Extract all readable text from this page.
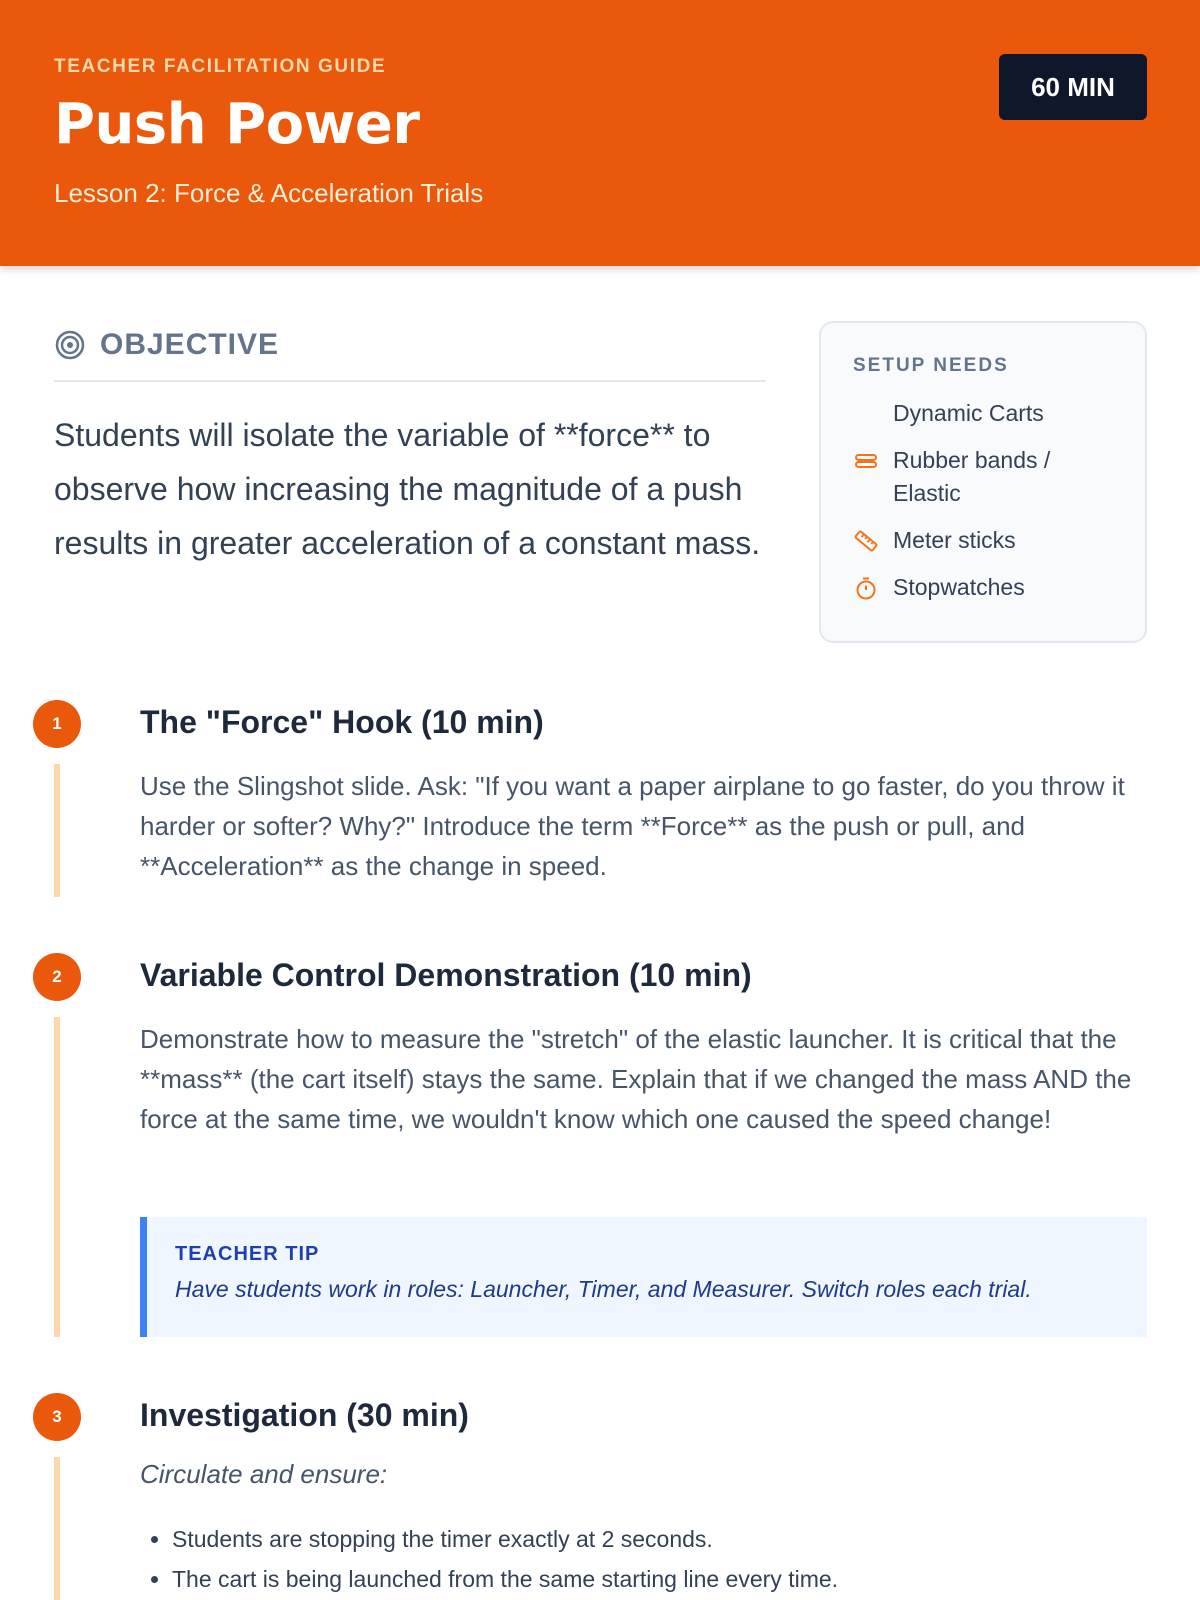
TEACHER FACILITATION GUIDE
Push Power
Lesson 2: Force & Acceleration Trials
60 MIN
OBJECTIVE

Students will isolate the variable of **force** to observe how increasing the magnitude of a push results in greater acceleration of a constant mass.

SETUP NEEDS
Dynamic Carts
Rubber bands / Elastic
Meter sticks
Stopwatches
1	The "Force" Hook (10 min)

Use the Slingshot slide. Ask: "If you want a paper airplane to go faster, do you throw it harder or softer? Why?" Introduce the term **Force** as the push or pull, and **Acceleration** as the change in speed.

2	Variable Control Demonstration (10 min)

Demonstrate how to measure the "stretch" of the elastic launcher. It is critical that the **mass** (the cart itself) stays the same. Explain that if we changed the mass AND the force at the same time, we wouldn't know which one caused the speed change!

TEACHER TIP
Have students work in roles: Launcher, Timer, and Measurer. Switch roles each trial.
3	Investigation (30 min)
Circulate and ensure:
• Students are stopping the timer exactly at 2 seconds.
• The cart is being launched from the same starting line every time.
